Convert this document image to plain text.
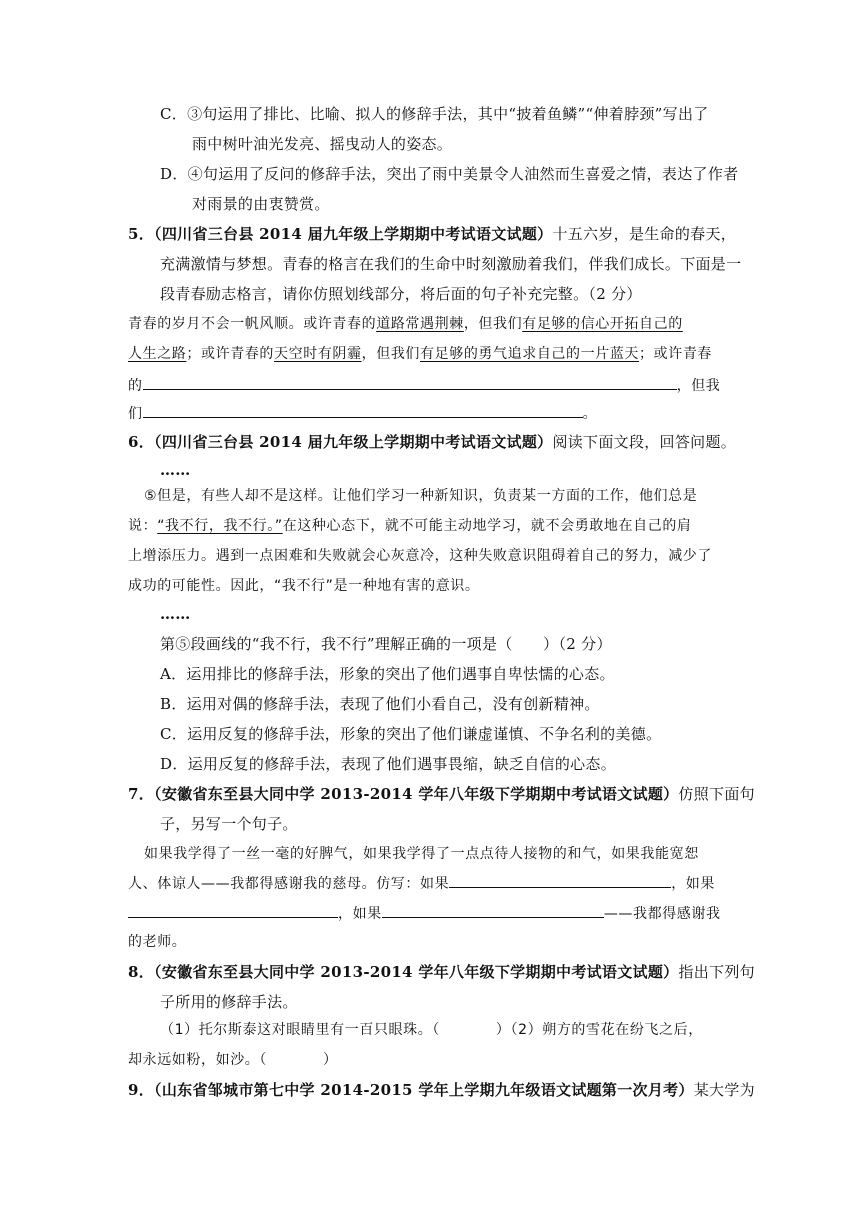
C．③句运用了排比、比喻、拟人的修辞手法，其中“披着鱼鳞”“伸着脖颈”写出了
雨中树叶油光发亮、摇曳动人的姿态。
D．④句运用了反问的修辞手法，突出了雨中美景令人油然而生喜爱之情，表达了作者
对雨景的由衷赞赏。
5．（四川省三台县 2014 届九年级上学期期中考试语文试题）十五六岁，是生命的春天，
充满激情与梦想。青春的格言在我们的生命中时刻激励着我们，伴我们成长。下面是一
段青春励志格言，请你仿照划线部分，将后面的句子补充完整。（2 分）
青春的岁月不会一帆风顺。或许青春的道路常遇荆棘，但我们有足够的信心开拓自己的
人生之路；或许青春的天空时有阴霾，但我们有足够的勇气追求自己的一片蓝天；或许青春
的	，但我
们	。
6．（四川省三台县 2014 届九年级上学期期中考试语文试题）阅读下面文段，回答问题。
……
⑤但是，有些人却不是这样。让他们学习一种新知识，负责某一方面的工作，他们总是
说：“我不行，我不行。”在这种心态下，就不可能主动地学习，就不会勇敢地在自己的肩
上增添压力。遇到一点困难和失败就会心灰意冷，这种失败意识阻碍着自己的努力，减少了
成功的可能性。因此，“我不行”是一种地有害的意识。
……
第⑤段画线的“我不行，我不行”理解正确的一项是（　　）（2 分）
A．运用排比的修辞手法，形象的突出了他们遇事自卑怯懦的心态。
B．运用对偶的修辞手法，表现了他们小看自己，没有创新精神。
C．运用反复的修辞手法，形象的突出了他们谦虚谨慎、不争名利的美德。
D．运用反复的修辞手法，表现了他们遇事畏缩，缺乏自信的心态。
7．（安徽省东至县大同中学 2013-2014 学年八年级下学期期中考试语文试题）仿照下面句
子，另写一个句子。
如果我学得了一丝一毫的好脾气，如果我学得了一点点待人接物的和气，如果我能宽恕
人、体谅人——我都得感谢我的慈母。仿写：如果	，如果
，如果	——我都得感谢我
的老师。
8．（安徽省东至县大同中学 2013-2014 学年八年级下学期期中考试语文试题）指出下列句
子所用的修辞手法。
（1）托尔斯泰这对眼睛里有一百只眼珠。（	）（2）朔方的雪花在纷飞之后，
却永远如粉，如沙。（	）
9．（山东省邹城市第七中学 2014-2015 学年上学期九年级语文试题第一次月考）某大学为
